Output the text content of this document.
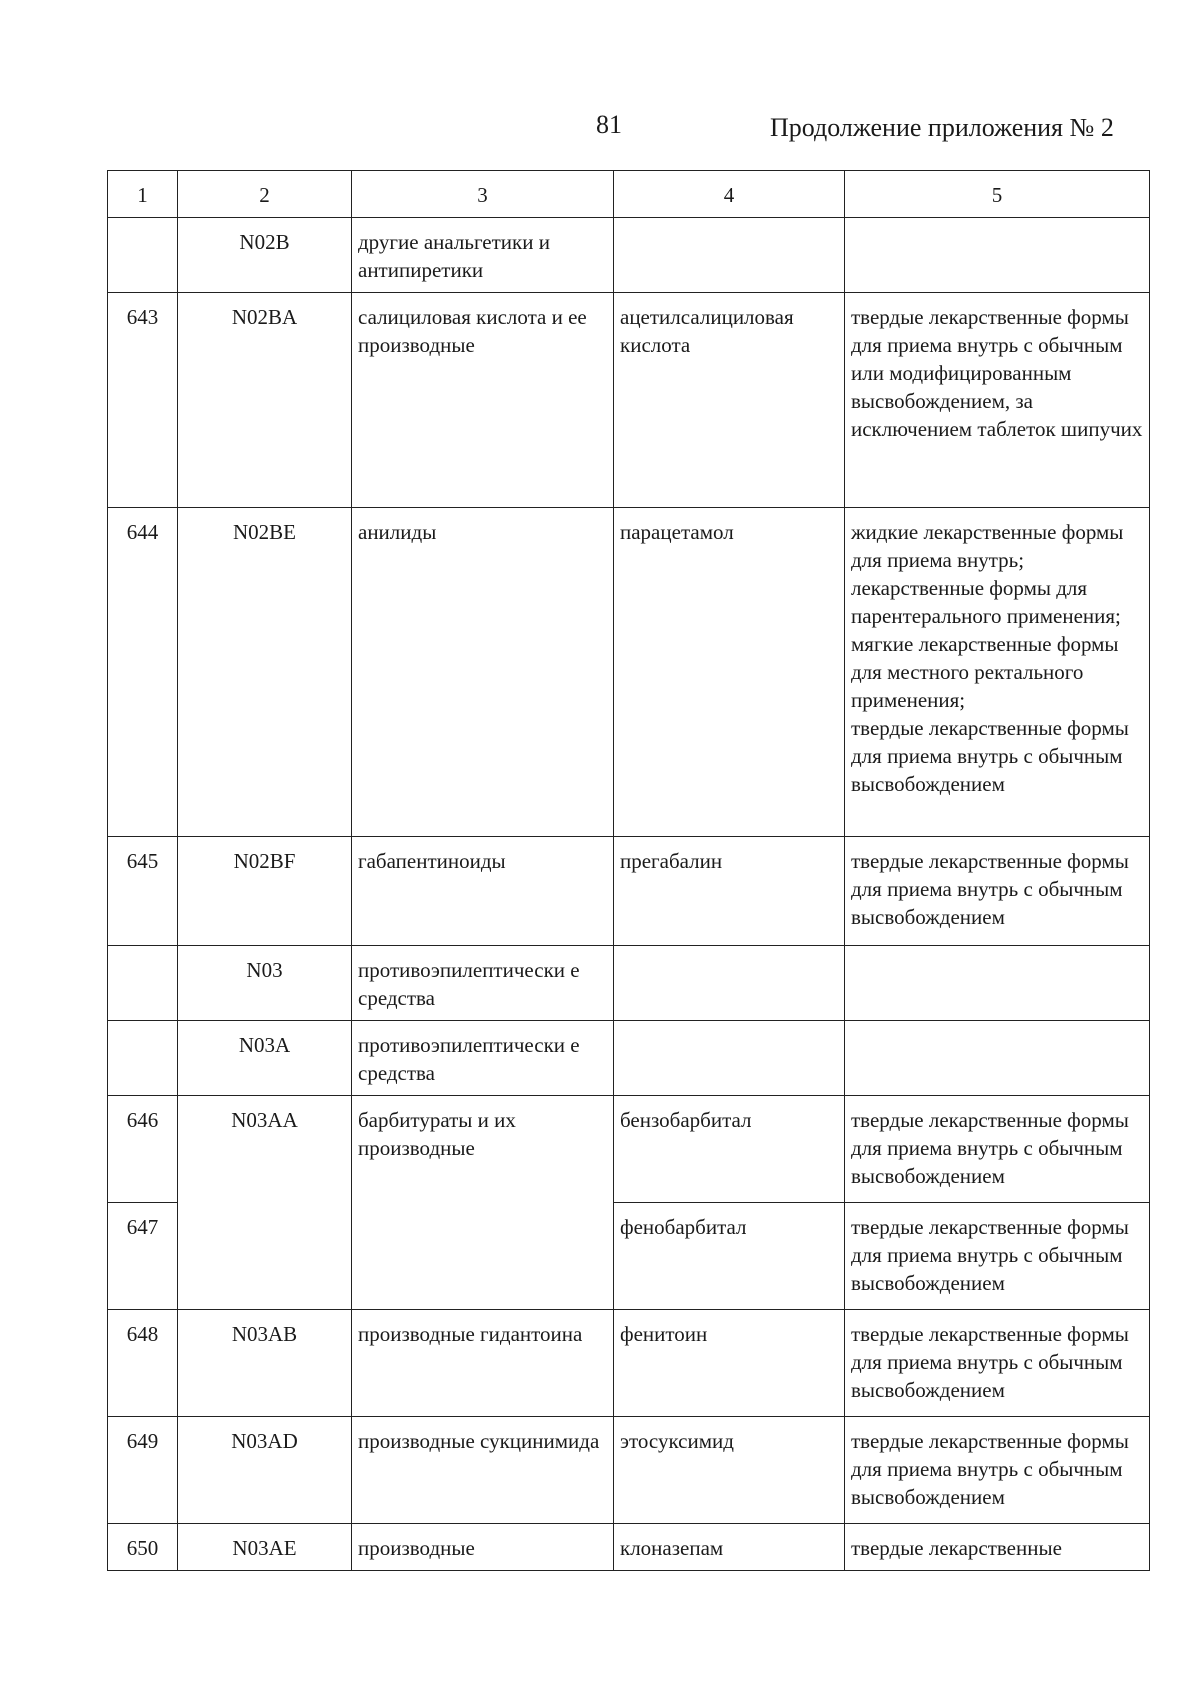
81	Продолжение приложения № 2
1	2	3	4	5
	N02B	другие анальгетики и антипиретики		
643	N02BA	салициловая кислота и ее производные	ацетилсалициловая кислота	твердые лекарственные формы для приема внутрь с обычным или модифицированным высвобождением, за исключением таблеток шипучих
644	N02BE	анилиды	парацетамол	жидкие лекарственные формы для приема внутрь;
лекарственные формы для парентерального применения;
мягкие лекарственные формы для местного ректального применения;
твердые лекарственные формы для приема внутрь с обычным высвобождением
645	N02BF	габапентиноиды	прегабалин	твердые лекарственные формы для приема внутрь с обычным высвобождением
	N03	противоэпилептически е средства		
	N03A	противоэпилептически е средства		
646	N03AA	барбитураты и их производные	бензобарбитал	твердые лекарственные формы для приема внутрь с обычным высвобождением
647			фенобарбитал	твердые лекарственные формы для приема внутрь с обычным высвобождением
648	N03AB	производные гидантоина	фенитоин	твердые лекарственные формы для приема внутрь с обычным высвобождением
649	N03AD	производные сукцинимида	этосуксимид	твердые лекарственные формы для приема внутрь с обычным высвобождением
650	N03AE	производные	клоназепам	твердые лекарственные
